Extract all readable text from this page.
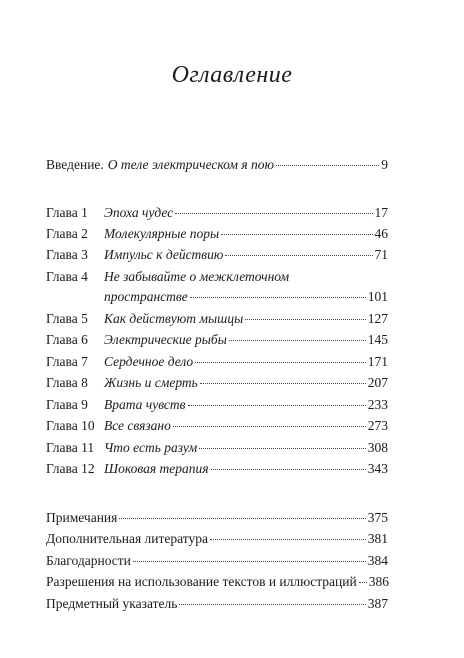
Оглавление
Введение. О теле электрическом я пою	9
Глава 1	Эпоха чудес	17
Глава 2	Молекулярные поры	46
Глава 3	Импульс к действию	71
Глава 4	Не забывайте о межклеточном
пространстве	101
Глава 5	Как действуют мышцы	127
Глава 6	Электрические рыбы	145
Глава 7	Сердечное дело	171
Глава 8	Жизнь и смерть	207
Глава 9	Врата чувств	233
Глава 10 Все связано	273
Глава 11 Что есть разум	308
Глава 12 Шоковая терапия	343
Примечания	375
Дополнительная литература	381
Благодарности	384
Разрешения на использование текстов и иллюстраций 386
Предметный указатель	387
